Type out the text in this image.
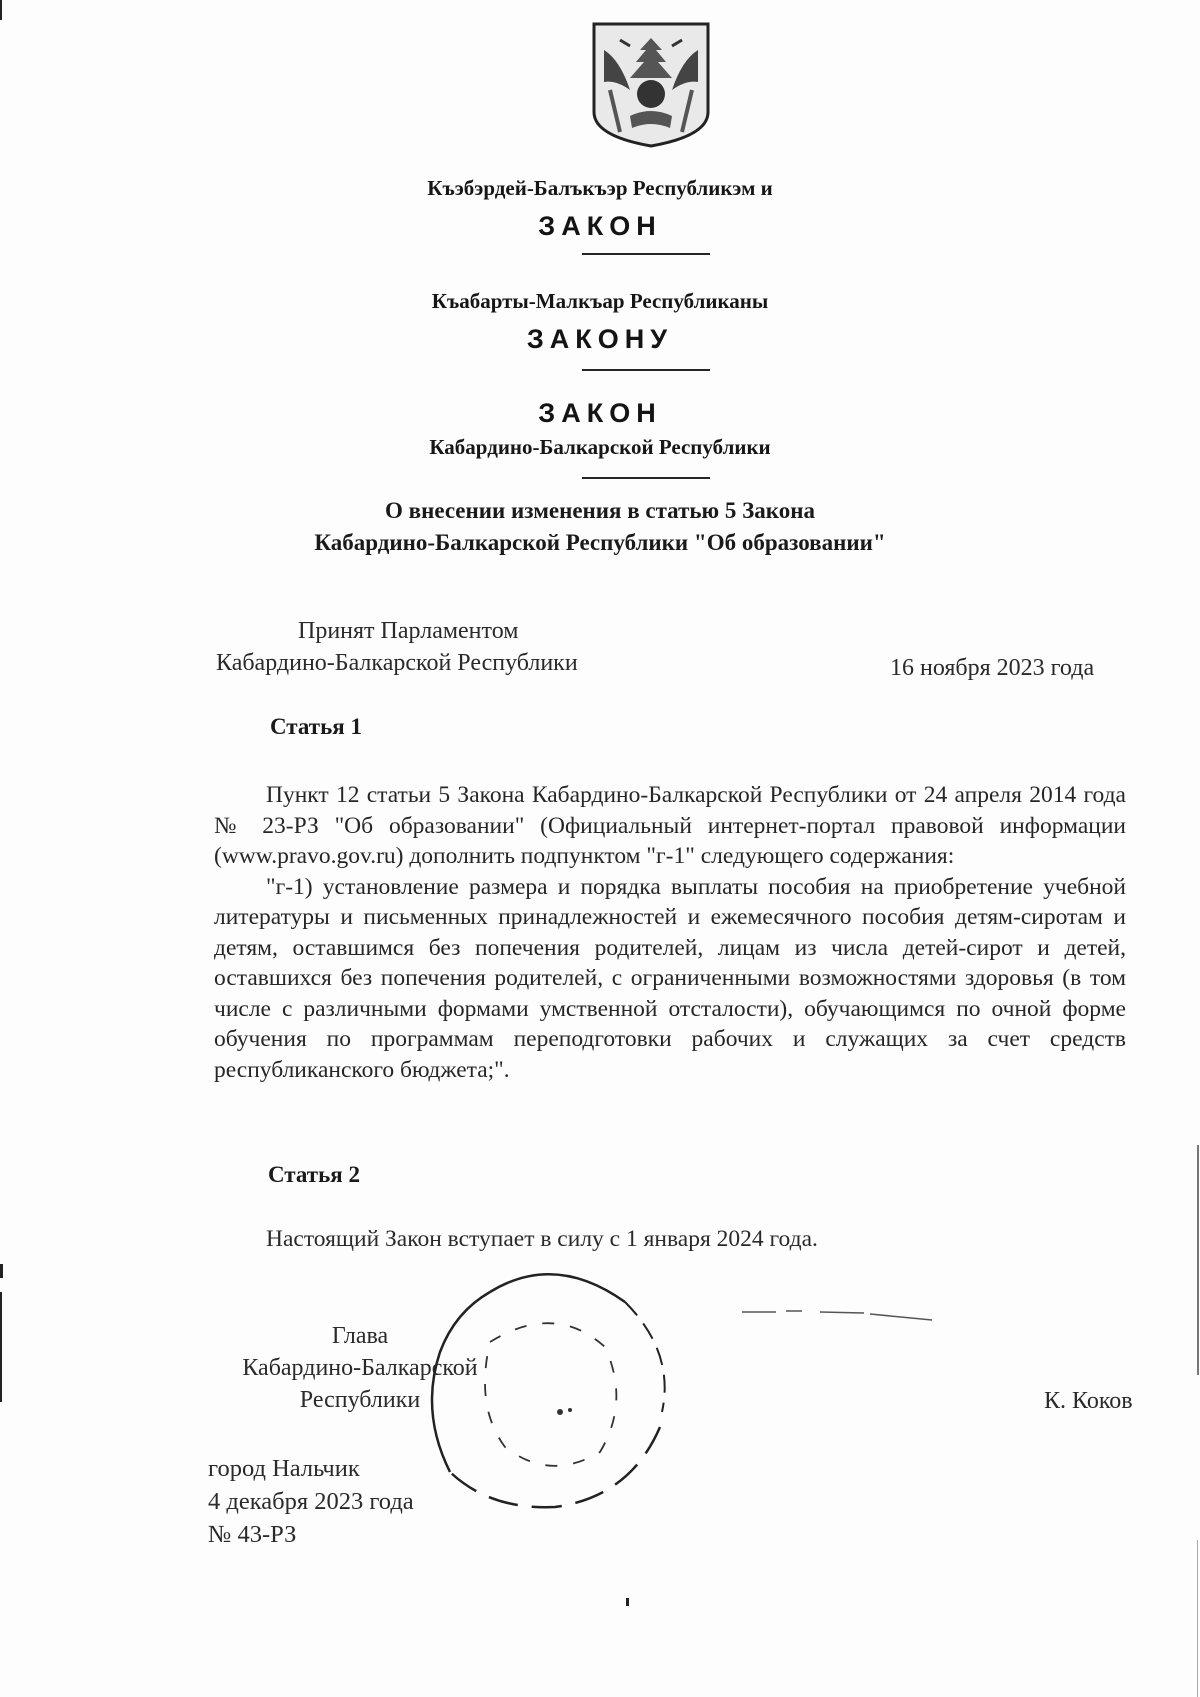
Къэбэрдей-Балъкъэр Республикэм и
ЗАКОН
Къабарты-Малкъар Республиканы
ЗАКОНУ
ЗАКОН
Кабардино-Балкарской Республики
О внесении изменения в статью 5 Закона
Кабардино-Балкарской Республики "Об образовании"
Принят Парламентом
Кабардино-Балкарской Республики	16 ноября 2023 года
Статья 1
Пункт 12 статьи 5 Закона Кабардино-Балкарской Республики от 24 апреля 2014 года № 23-РЗ "Об образовании" (Официальный интернет-портал правовой информации (www.pravo.gov.ru) дополнить подпунктом "г-1" следующего содержания:
"г-1) установление размера и порядка выплаты пособия на приобретение учебной литературы и письменных принадлежностей и ежемесячного пособия детям-сиротам и детям, оставшимся без попечения родителей, лицам из числа детей-сирот и детей, оставшихся без попечения родителей, с ограниченными возможностями здоровья (в том числе с различными формами умственной отсталости), обучающимся по очной форме обучения по программам переподготовки рабочих и служащих за счет средств республиканского бюджета;".
Статья 2
Настоящий Закон вступает в силу с 1 января 2024 года.
Глава
Кабардино-Балкарской
Республики	К. Коков
город Нальчик
4 декабря 2023 года
№ 43-РЗ
